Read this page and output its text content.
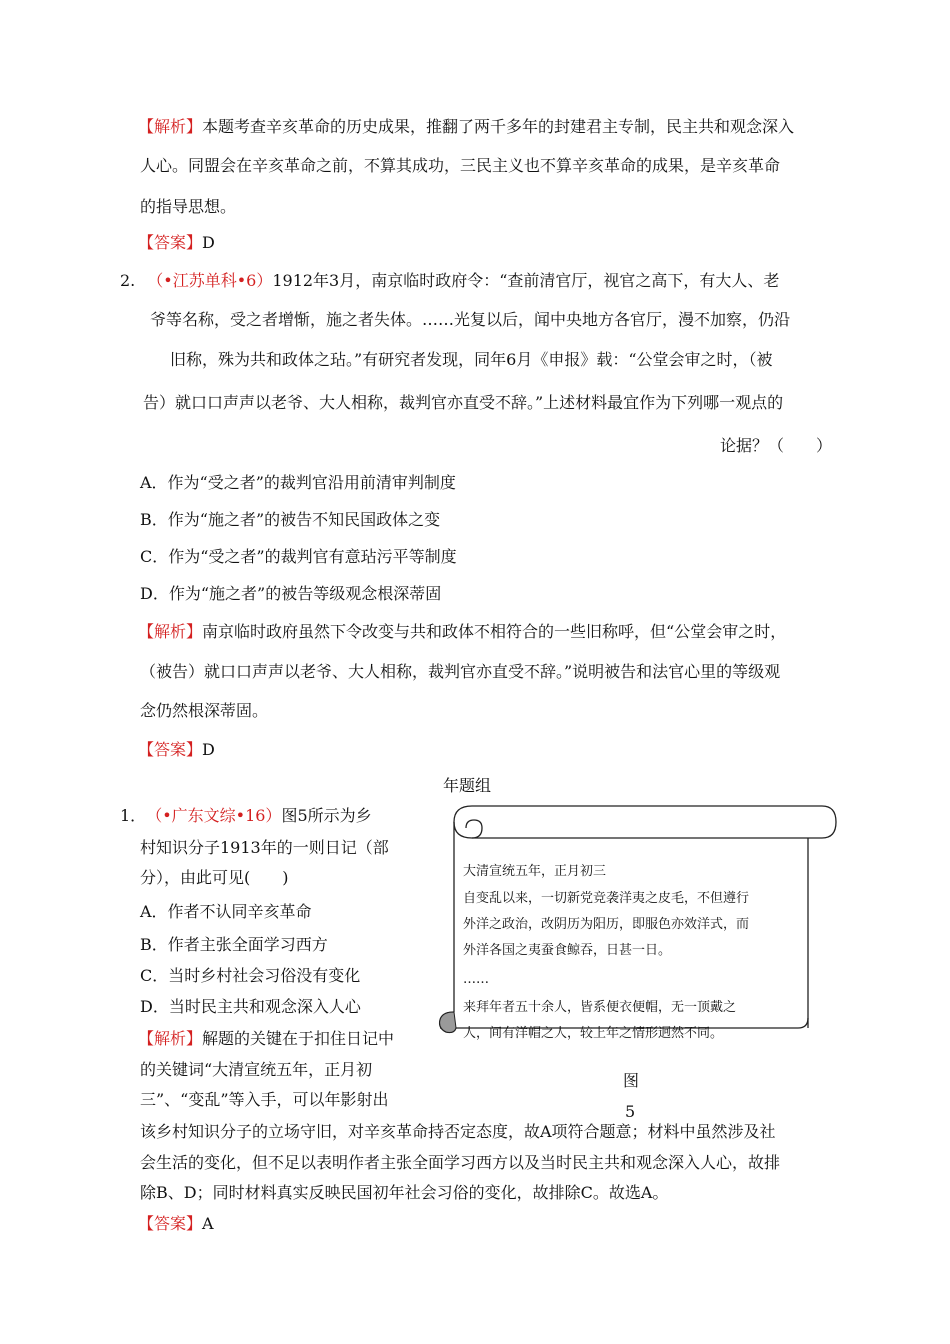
【解析】本题考查辛亥革命的历史成果，推翻了两千多年的封建君主专制，民主共和观念深入
人心。同盟会在辛亥革命之前，不算其成功，三民主义也不算辛亥革命的成果，是辛亥革命
的指导思想。
【答案】D
2. （•江苏单科•6）1912年3月，南京临时政府令：“查前清官厅，视官之高下，有大人、老
爷等名称，受之者增惭，施之者失体。……光复以后，闻中央地方各官厅，漫不加察，仍沿
旧称，殊为共和政体之玷。”有研究者发现，同年6月《申报》载：“公堂会审之时，（被
告）就口口声声以老爷、大人相称，裁判官亦直受不辞。”上述材料最宜作为下列哪一观点的
论据？（　　）
A．作为“受之者”的裁判官沿用前清审判制度
B．作为“施之者”的被告不知民国政体之变
C．作为“受之者”的裁判官有意玷污平等制度
D．作为“施之者”的被告等级观念根深蒂固
【解析】南京临时政府虽然下令改变与共和政体不相符合的一些旧称呼，但“公堂会审之时，
（被告）就口口声声以老爷、大人相称，裁判官亦直受不辞。”说明被告和法官心里的等级观
念仍然根深蒂固。
【答案】D
年题组
1． （•广东文综•16）图5所示为乡
村知识分子1913年的一则日记（部
分），由此可见(　　)
A．作者不认同辛亥革命
B．作者主张全面学习西方
C．当时乡村社会习俗没有变化
D．当时民主共和观念深入人心
【解析】解题的关键在于扣住日记中
的关键词“大清宣统五年，正月初
三”、“变乱”等入手，可以年影射出
该乡村知识分子的立场守旧，对辛亥革命持否定态度，故A项符合题意；材料中虽然涉及社
会生活的变化，但不足以表明作者主张全面学习西方以及当时民主共和观念深入人心，故排
除B、D；同时材料真实反映民国初年社会习俗的变化，故排除C。故选A。
【答案】A
大清宣统五年，正月初三
自变乱以来，一切新党竞袭洋夷之皮毛，不但遵行
外洋之政治，改阴历为阳历，即服色亦效洋式，而
外洋各国之夷蚕食鲸吞，日甚一日。
……
来拜年者五十余人，皆系便衣便帽，无一顶戴之
人，间有洋帽之人，较上年之情形迥然不同。
图
5
